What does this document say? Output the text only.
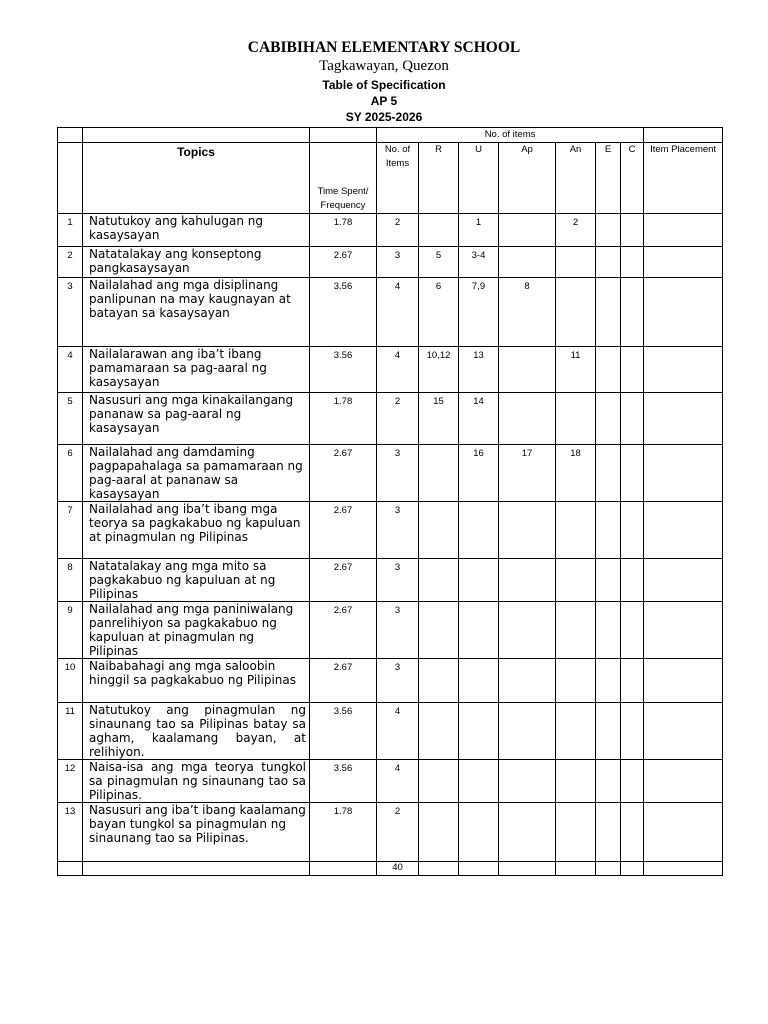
CABIBIHAN ELEMENTARY SCHOOL
Tagkawayan, Quezon
Table of Specification
AP 5
SY 2025-2026
			No. of items							
	Topics	Time Spent/ Frequency	No. of Items	R	U	Ap	An	E	C	Item Placement
1	Natutukoy ang kahulugan ng kasaysayan	1.78	2		1		2			
2	Natatalakay ang konseptong pangkasaysayan	2.67	3	5	3-4					
3	Nailalahad ang mga disiplinang panlipunan na may kaugnayan at batayan sa kasaysayan	3.56	4	6	7,9	8				
4	Nailalarawan ang iba’t ibang pamamaraan sa pag-aaral ng kasaysayan	3.56	4	10,12	13		11			
5	Nasusuri ang mga kinakailangang pananaw sa pag-aaral ng kasaysayan	1.78	2	15	14					
6	Nailalahad ang damdaming pagpapahalaga sa pamamaraan ng pag-aaral at pananaw sa kasaysayan	2.67	3		16	17	18			
7	Nailalahad ang iba’t ibang mga teorya sa pagkakabuo ng kapuluan at pinagmulan ng Pilipinas	2.67	3							
8	Natatalakay ang mga mito sa pagkakabuo ng kapuluan at ng Pilipinas	2.67	3							
9	Nailalahad ang mga paniniwalang panrelihiyon sa pagkakabuo ng kapuluan at pinagmulan ng Pilipinas	2.67	3							
10	Naibabahagi ang mga saloobin hinggil sa pagkakabuo ng Pilipinas	2.67	3							
11	Natutukoy ang pinagmulan ng sinaunang tao sa Pilipinas batay sa agham, kaalamang bayan, at relihiyon.	3.56	4							
12	Naisa-isa ang mga teorya tungkol sa pinagmulan ng sinaunang tao sa Pilipinas.	3.56	4							
13	Nasusuri ang iba’t ibang kaalamang bayan tungkol sa pinagmulan ng sinaunang tao sa Pilipinas.	1.78	2							
			40							
